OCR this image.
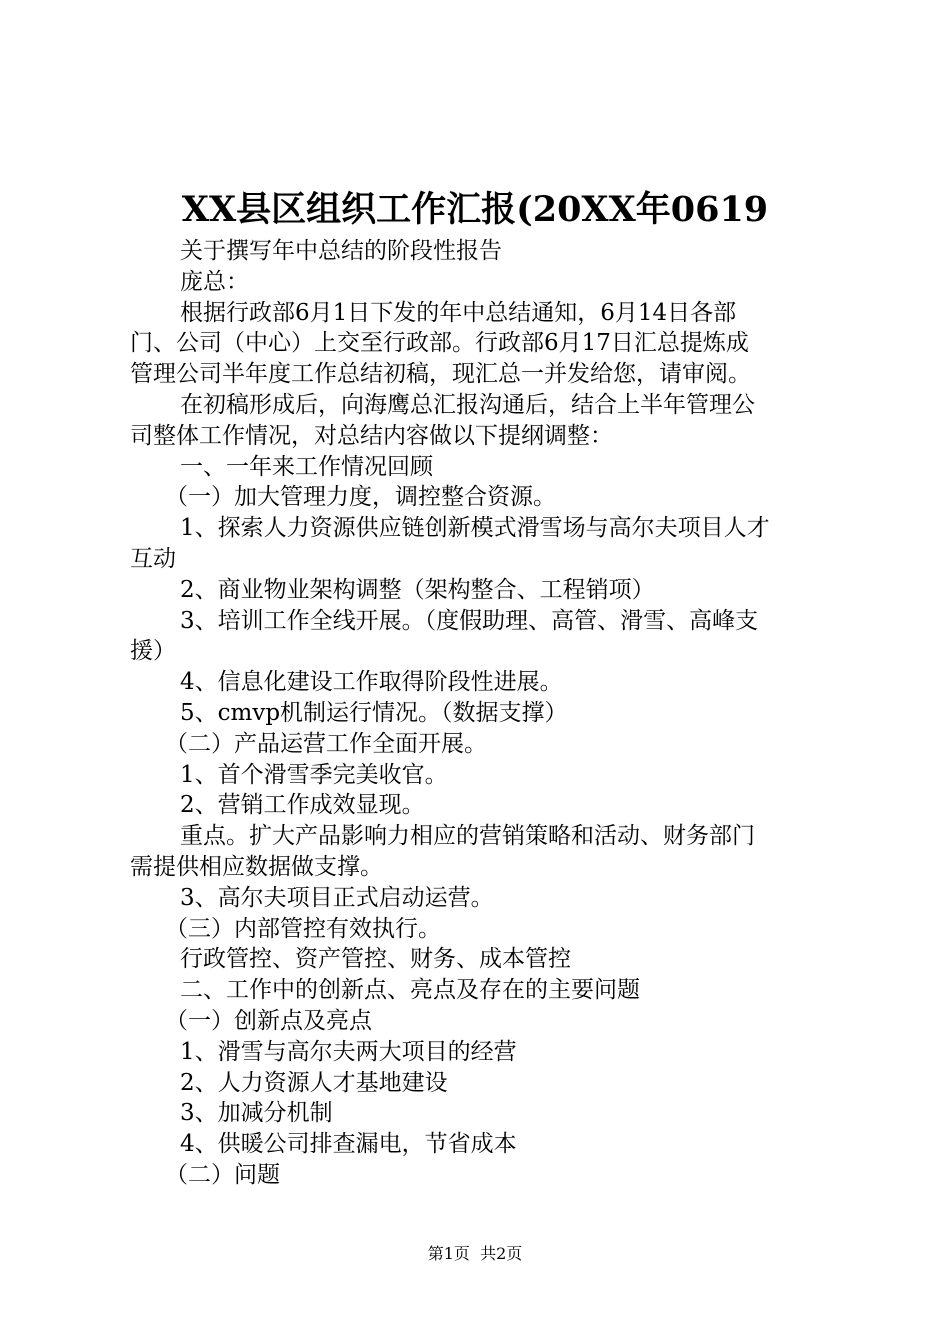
XX县区组织工作汇报(20XX年0619
关于撰写年中总结的阶段性报告
庞总：
根据行政部6月1日下发的年中总结通知，6月14日各部
门、公司（中心）上交至行政部。行政部6月17日汇总提炼成
管理公司半年度工作总结初稿，现汇总一并发给您，请审阅。
在初稿形成后，向海鹰总汇报沟通后，结合上半年管理公
司整体工作情况，对总结内容做以下提纲调整：
一、一年来工作情况回顾
（一）加大管理力度，调控整合资源。
1、探索人力资源供应链创新模式滑雪场与高尔夫项目人才
互动
2、商业物业架构调整（架构整合、工程销项）
3、培训工作全线开展。（度假助理、高管、滑雪、高峰支
援）
4、信息化建设工作取得阶段性进展。
5、cmvp机制运行情况。（数据支撑）
（二）产品运营工作全面开展。
1、首个滑雪季完美收官。
2、营销工作成效显现。
重点。扩大产品影响力相应的营销策略和活动、财务部门
需提供相应数据做支撑。
3、高尔夫项目正式启动运营。
（三）内部管控有效执行。
行政管控、资产管控、财务、成本管控
二、工作中的创新点、亮点及存在的主要问题
（一）创新点及亮点
1、滑雪与高尔夫两大项目的经营
2、人力资源人才基地建设
3、加减分机制
4、供暖公司排查漏电，节省成本
（二）问题
第1页  共2页
